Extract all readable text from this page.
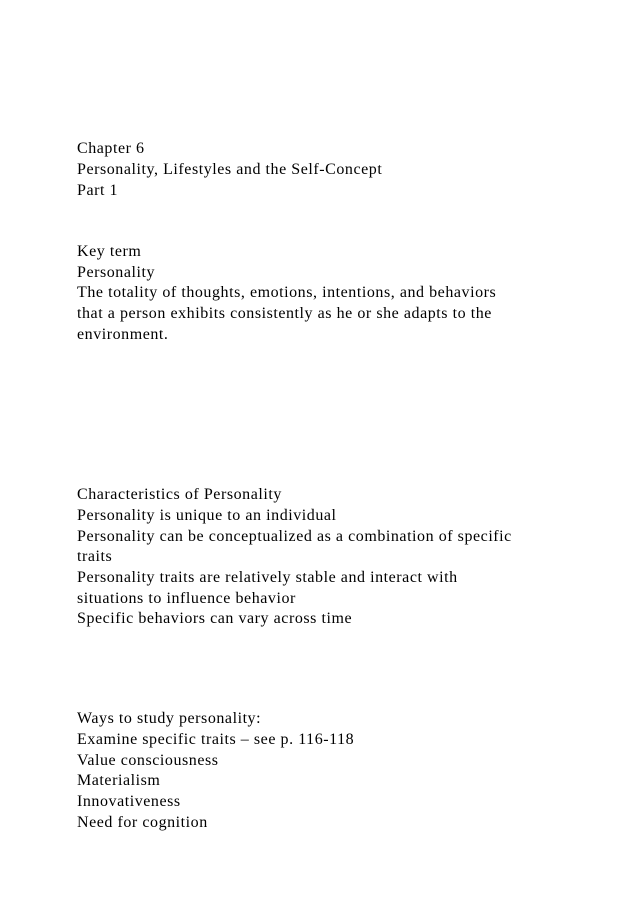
Chapter 6

Personality, Lifestyles and the Self-Concept

Part 1

Key term

Personality

The totality of thoughts, emotions, intentions, and behaviors

that a person exhibits consistently as he or she adapts to the

environment.

Characteristics of Personality

Personality is unique to an individual

Personality can be conceptualized as a combination of specific

traits

Personality traits are relatively stable and interact with

situations to influence behavior

Specific behaviors can vary across time

Ways to study personality:

Examine specific traits – see p. 116-118

Value consciousness

Materialism

Innovativeness

Need for cognition
